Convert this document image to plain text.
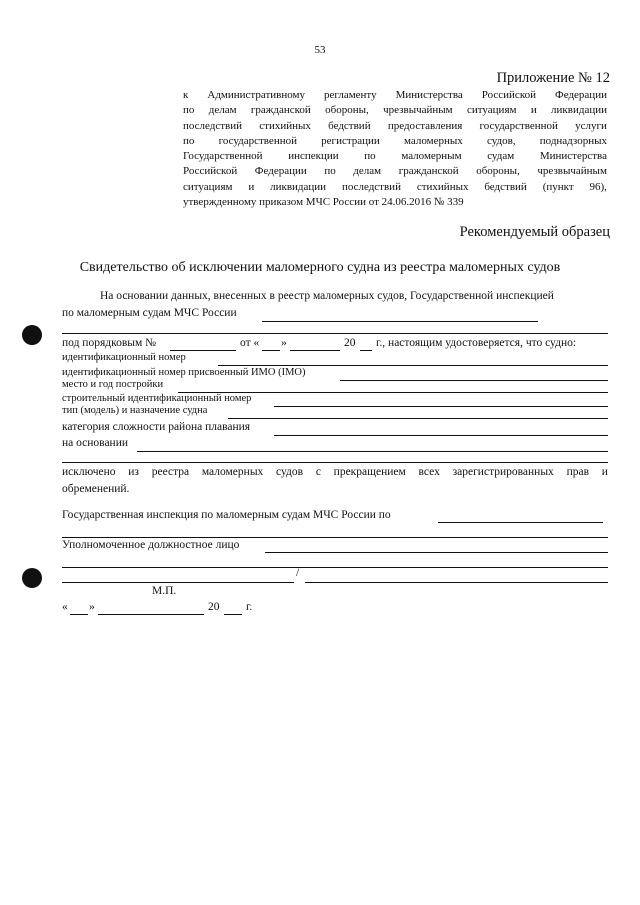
53
Приложение № 12
к Административному регламенту Министерства Российской Федерации
по делам гражданской обороны, чрезвычайным ситуациям и ликвидации
последствий стихийных бедствий предоставления государственной услуги
по государственной регистрации маломерных судов, поднадзорных
Государственной инспекции по маломерным судам Министерства
Российской Федерации по делам гражданской обороны, чрезвычайным
ситуациям и ликвидации последствий стихийных бедствий (пункт 96),
утвержденному приказом МЧС России от 24.06.2016 № 339
Рекомендуемый образец
Свидетельство об исключении маломерного судна из реестра маломерных судов
На основании данных, внесенных в реестр маломерных судов, Государственной инспекцией
по маломерным судам МЧС России
под порядковым №	от « »	20 г., настоящим удостоверяется, что судно:
идентификационный номер
идентификационный номер присвоенный ИМО (IMO)
место и год постройки
строительный идентификационный номер
тип (модель) и назначение судна
категория сложности района плавания
на основании
исключено из реестра маломерных судов с прекращением всех зарегистрированных прав и
обременений.
Государственная инспекция по маломерным судам МЧС России по
Уполномоченное должностное лицо
/
М.П.
« »	20 г.
